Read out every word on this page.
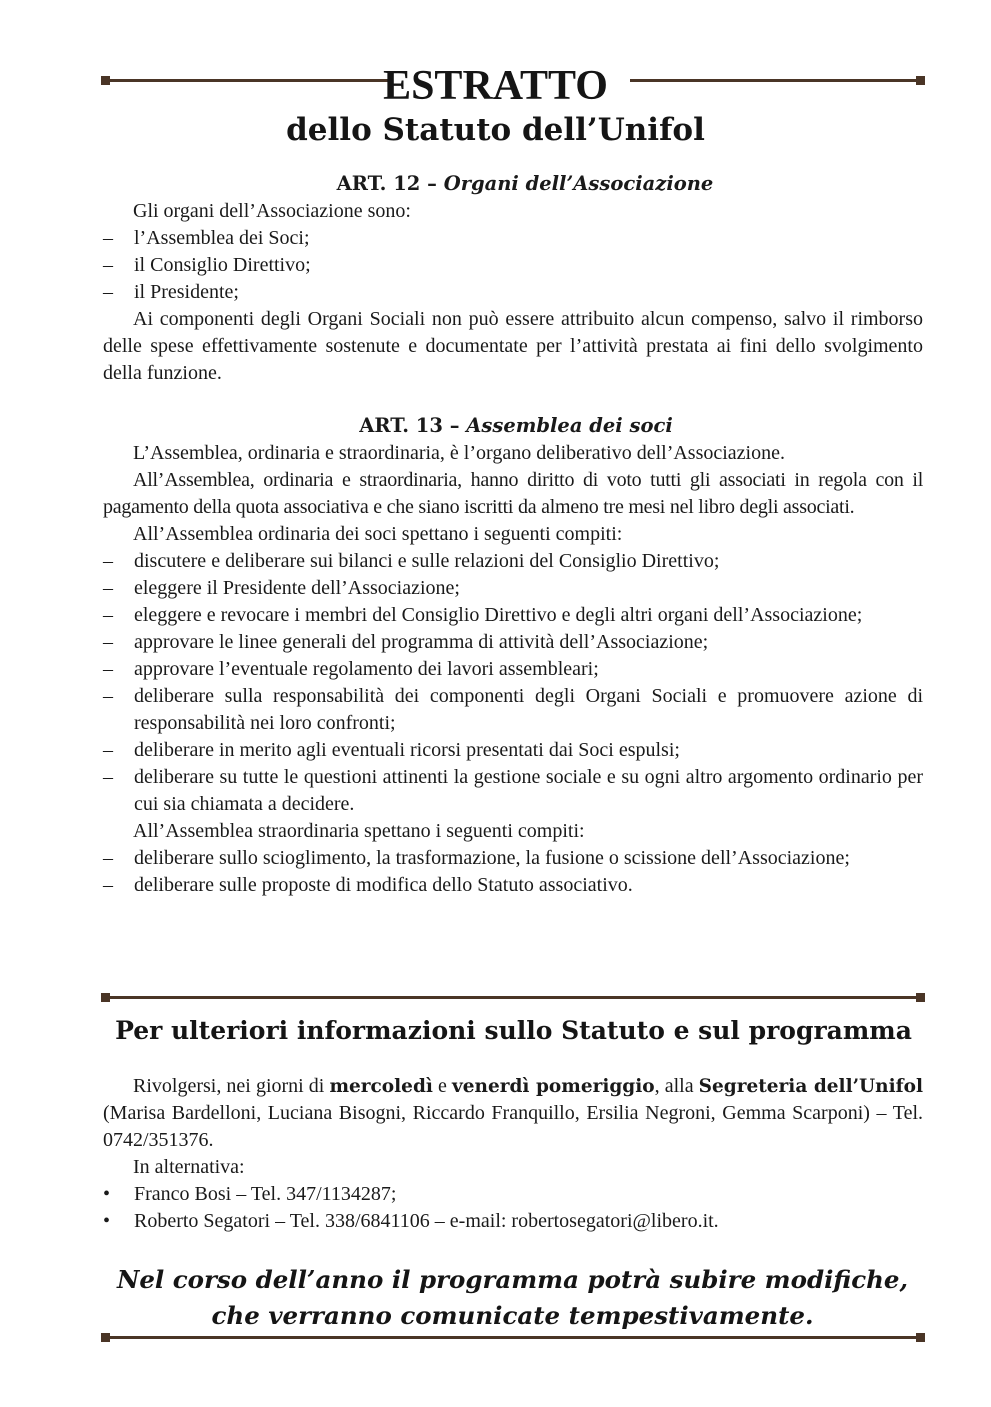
ESTRATTO
dello Statuto dell’Unifol
ART. 12 – Organi dell’Associazione
Gli organi dell’Associazione sono:
– l’Assemblea dei Soci;
– il Consiglio Direttivo;
– il Presidente;
Ai componenti degli Organi Sociali non può essere attribuito alcun compenso, salvo il rimborso delle spese effettivamente sostenute e documentate per l’attività prestata ai fini dello svolgimento della funzione.
ART. 13 – Assemblea dei soci
L’Assemblea, ordinaria e straordinaria, è l’organo deliberativo dell’Associazione.
All’Assemblea, ordinaria e straordinaria, hanno diritto di voto tutti gli associati in regola con il pagamento della quota associativa e che siano iscritti da almeno tre mesi nel libro degli associati.
All’Assemblea ordinaria dei soci spettano i seguenti compiti:
– discutere e deliberare sui bilanci e sulle relazioni del Consiglio Direttivo;
– eleggere il Presidente dell’Associazione;
– eleggere e revocare i membri del Consiglio Direttivo e degli altri organi dell’Associazione;
– approvare le linee generali del programma di attività dell’Associazione;
– approvare l’eventuale regolamento dei lavori assembleari;
– deliberare sulla responsabilità dei componenti degli Organi Sociali e promuovere azione di responsabilità nei loro confronti;
– deliberare in merito agli eventuali ricorsi presentati dai Soci espulsi;
– deliberare su tutte le questioni attinenti la gestione sociale e su ogni altro argomento ordinario per cui sia chiamata a decidere.
All’Assemblea straordinaria spettano i seguenti compiti:
– deliberare sullo scioglimento, la trasformazione, la fusione o scissione dell’Associazione;
– deliberare sulle proposte di modifica dello Statuto associativo.
Per ulteriori informazioni sullo Statuto e sul programma
Rivolgersi, nei giorni di mercoledì e venerdì pomeriggio, alla Segreteria dell’Unifol (Marisa Bardelloni, Luciana Bisogni, Riccardo Franquillo, Ersilia Negroni, Gemma Scarponi) – Tel. 0742/351376.
In alternativa:
• Franco Bosi – Tel. 347/1134287;
• Roberto Segatori – Tel. 338/6841106 – e-mail: robertosegatori@libero.it.
Nel corso dell’anno il programma potrà subire modifiche,
che verranno comunicate tempestivamente.
